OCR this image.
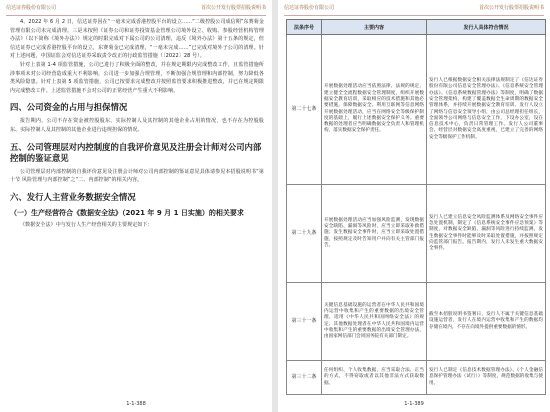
信达证券股份有限公司	首次公开发行股票招股说明书

4、2022 年 6 月 2 日，信达证券因在“一毫未完成香港控股平台的设立……”二级控股公司成信期”东赛菊金管理有限公司未完成清理。三是未按照《证券公司和证券投资基金管理公司境外设立、收购、参股经营机构管理办法》（以下简称《境外办法》）规定的时限完成对下属公司的公司清理，违反《境外办法》第十五条的规定，但信达证券已完成香港控股平台的设立，东赛菊金已完成清理，“一毫未完成……”已完成对境外子公司的清理。针对上述问题，中国证监会对信达证券采取责令改正的行政监管措施（〔2022〕28 号）。

针对上表第 1-4 项监管措施，公司已进行了积极全面的整改，并在规定期限内完成整改工作，且监管措施所涉事项未对公司经营造成重大不利影响，公司进一步加强合规管理，不断加强合规管理和内部控制，努力降低各类风险隐患。针对上表第 5 项监管措施，公司已按要求完成整改并按照监管要求积极推进整改，并已在规定期限内完成整改工作。上述监管措施不会对公司的正常经营产生重大不利影响。

四、公司资金的占用与担保情况

报告期内，公司不存在资金被控股股东、实际控制人及其控制的其他企业占用的情况，也不存在为控股股东、实际控制人及其控制的其他企业进行违规担保的情况。

五、公司管理层对内控制度的自我评价意见及注册会计师对公司内部控制的鉴证意见

公司管理层对内部控制的自我评价意见及注册会计师对公司内部控制的鉴证意见具体请参见本招股说明书“第十节 风险管理与内部控制”之“二、内部控制”的相关内容。

六、发行人主营业务数据安全情况
（一）生产经营符合《数据安全法》（2021 年 9 月 1 日实施）的相关要求

《数据安全法》中与发行人生产经营相关的主要规定如下：

1-1-388
信达证券股份有限公司	首次公开发行股票招股说明书
法条序号	主要内容	发行人具体符合情况
第二十七条	开展数据处理活动应当依照法律、法规的规定，建立健全全流程数据安全管理制度，组织开展数据安全教育培训，采取相应的技术措施和其他必要措施，保障数据安全。利用互联网等信息网络开展数据处理活动，应当在网络安全等级保护制度的基础上，履行上述数据安全保护义务。重要数据的处理者应当明确数据安全负责人和管理机构，落实数据安全保护责任。	发行人已根据数据安全相关法律法规制定了《信达证券股份有限公司信息安全管理办法》、《信息系统安全管理办法》、《信息系统数据管理办法》等制度，明确了数据安全管理架构，构建了覆盖数据全生命周期的数据安全管理体系，并持续开展数据安全教育培训。发行人设立了网络与信息安全领导小组，由公司总经理担任组长，全面领导公司网络与信息安全工作，下设办公室，设在信息技术中心，负责日常管理工作。发行人公司董事会、经营层对数据安全高度重视，已建立了完善的网络安全等级保护工作机制。
第二十九条	开展数据处理活动应当加强风险监测，发现数据安全缺陷、漏洞等风险时，应当立即采取补救措施；发生数据安全事件时，应当立即采取处置措施，按照规定及时告知用户并向有关主管部门报告。	发行人已建立信息安全风险监测体系及网络安全事件应急处置机制，制定了《信息系统安全事件应急预案》等制度，对数据安全缺陷、漏洞等风险进行持续监测，发生数据安全事件时能够及时采取处置措施，并按照规定向监管部门报告。报告期内，发行人未发生重大数据安全事件。
第三十一条	关键信息基础设施的运营者在中华人民共和国境内运营中收集和产生的重要数据的出境安全管理，适用《中华人民共和国网络安全法》的规定；其他数据处理者在中华人民共和国境内运营中收集和产生的重要数据的出境安全管理办法，由国家网信部门会同国务院有关部门制定。	截至本招股说明书签署日，发行人不属于关键信息基础设施运营者，发行人在境内运营中收集和产生的数据均存储在境内，不存在向境外提供重要数据的情形。
第三十二条	任何组织、个人收集数据，应当采取合法、正当的方式，不得窃取或者以其他非法方式获取数据。	发行人已制定《信息技术数据管理办法》、《个人金融信息保护管理办法（试行）》等制度，规范数据的收集与使用。
1-1-389
